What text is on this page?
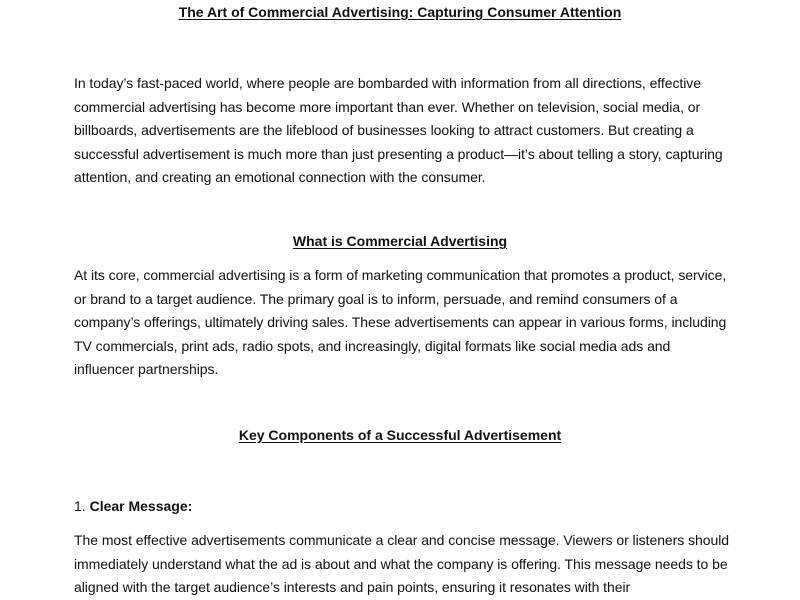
The Art of Commercial Advertising: Capturing Consumer Attention

In today’s fast-paced world, where people are bombarded with information from all directions, effective commercial advertising has become more important than ever. Whether on television, social media, or billboards, advertisements are the lifeblood of businesses looking to attract customers. But creating a successful advertisement is much more than just presenting a product—it’s about telling a story, capturing attention, and creating an emotional connection with the consumer.

What is Commercial Advertising

At its core, commercial advertising is a form of marketing communication that promotes a product, service, or brand to a target audience. The primary goal is to inform, persuade, and remind consumers of a company’s offerings, ultimately driving sales. These advertisements can appear in various forms, including TV commercials, print ads, radio spots, and increasingly, digital formats like social media ads and influencer partnerships.

Key Components of a Successful Advertisement
1. Clear Message:

The most effective advertisements communicate a clear and concise message. Viewers or listeners should immediately understand what the ad is about and what the company is offering. This message needs to be aligned with the target audience’s interests and pain points, ensuring it resonates with their
